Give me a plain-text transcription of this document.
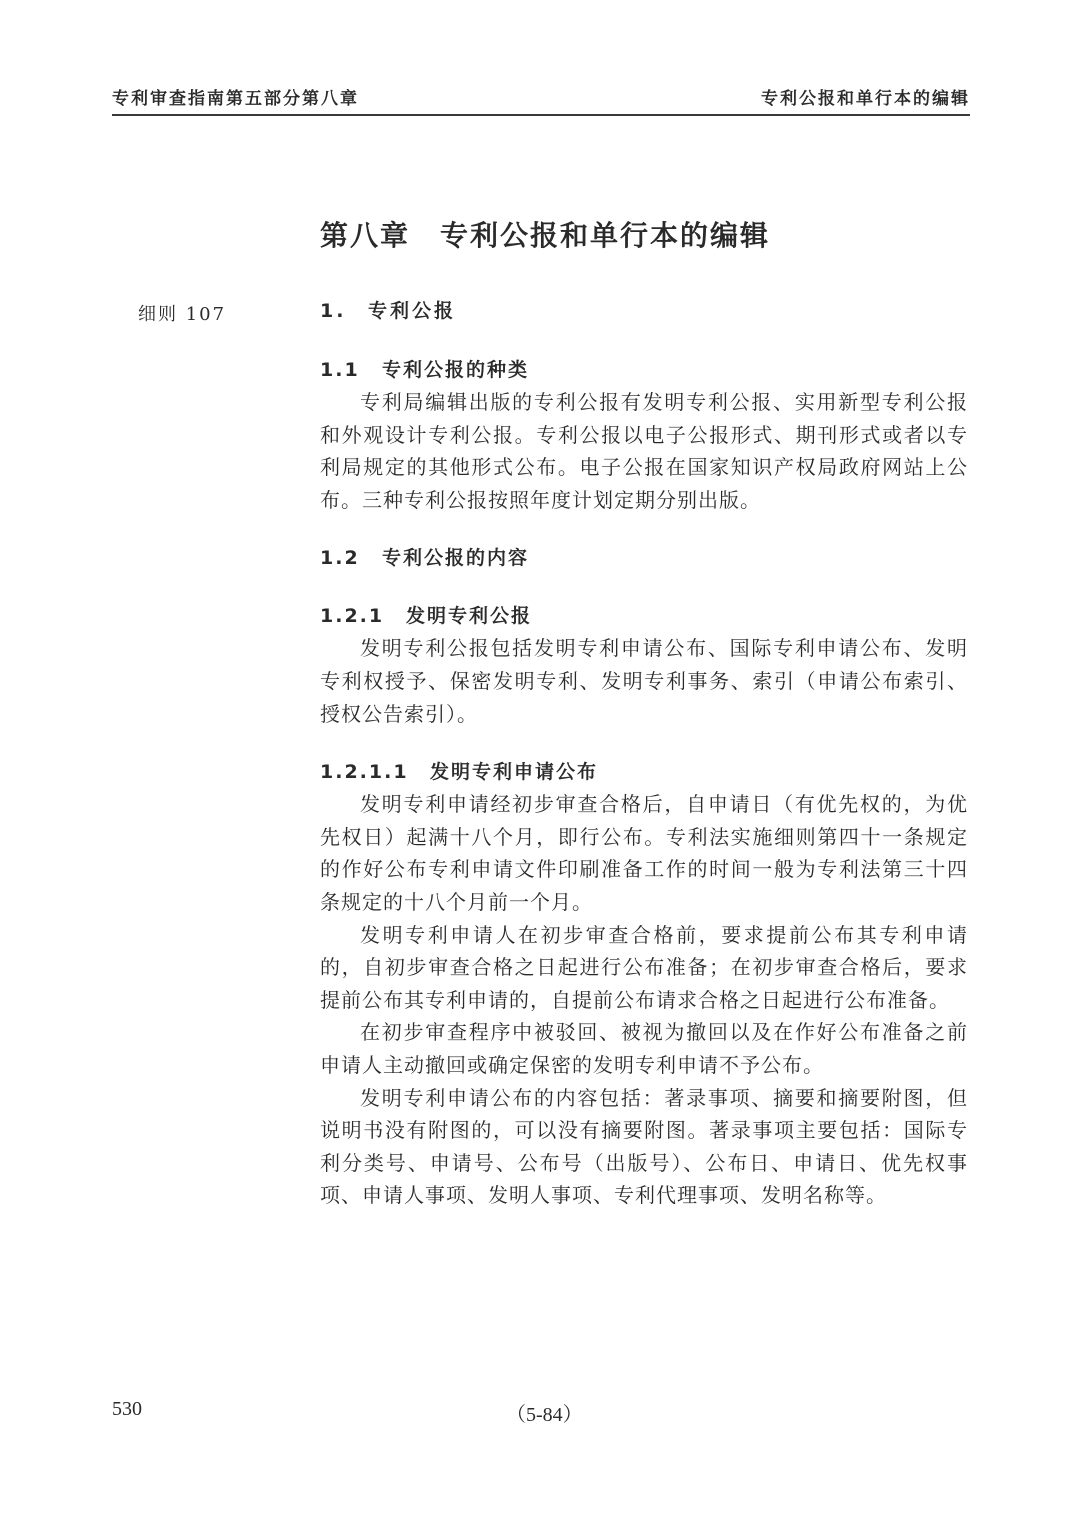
专利审查指南第五部分第八章	专利公报和单行本的编辑
第八章 专利公报和单行本的编辑
细则 107	1. 专利公报
1.1 专利公报的种类
专利局编辑出版的专利公报有发明专利公报、实用新型专利公报和外观设计专利公报。专利公报以电子公报形式、期刊形式或者以专利局规定的其他形式公布。电子公报在国家知识产权局政府网站上公布。三种专利公报按照年度计划定期分别出版。
1.2 专利公报的内容
1.2.1 发明专利公报
发明专利公报包括发明专利申请公布、国际专利申请公布、发明专利权授予、保密发明专利、发明专利事务、索引（申请公布索引、授权公告索引）。
1.2.1.1 发明专利申请公布
发明专利申请经初步审查合格后，自申请日（有优先权的，为优先权日）起满十八个月，即行公布。专利法实施细则第四十一条规定的作好公布专利申请文件印刷准备工作的时间一般为专利法第三十四条规定的十八个月前一个月。
发明专利申请人在初步审查合格前，要求提前公布其专利申请的，自初步审查合格之日起进行公布准备；在初步审查合格后，要求提前公布其专利申请的，自提前公布请求合格之日起进行公布准备。
在初步审查程序中被驳回、被视为撤回以及在作好公布准备之前申请人主动撤回或确定保密的发明专利申请不予公布。
发明专利申请公布的内容包括：著录事项、摘要和摘要附图，但说明书没有附图的，可以没有摘要附图。著录事项主要包括：国际专利分类号、申请号、公布号（出版号）、公布日、申请日、优先权事项、申请人事项、发明人事项、专利代理事项、发明名称等。
530	（5-84）
